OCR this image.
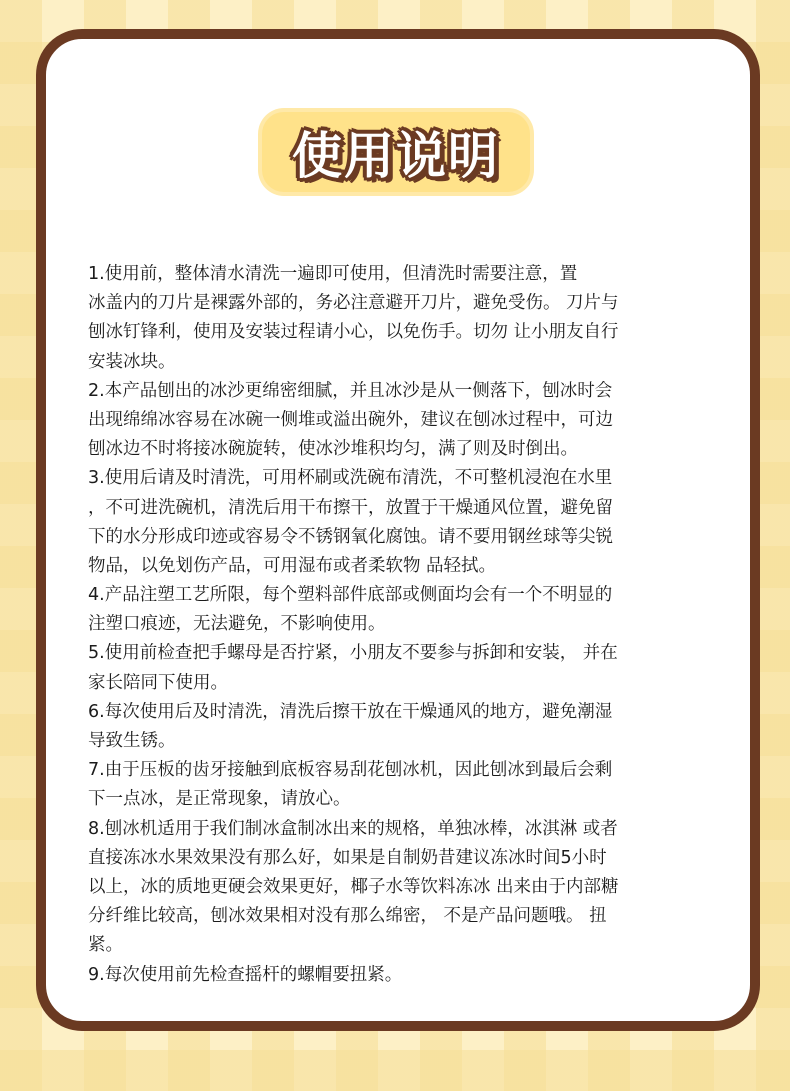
使用说明
1.使用前，整体清水清洗一遍即可使用，但清洗时需要注意，置
冰盖内的刀片是裸露外部的，务必注意避开刀片，避免受伤。 刀片与
刨冰钉锋利，使用及安装过程请小心，以免伤手。切勿 让小朋友自行
安装冰块。
2.本产品刨出的冰沙更绵密细腻，并且冰沙是从一侧落下，刨冰时会
出现绵绵冰容易在冰碗一侧堆或溢出碗外，建议在刨冰过程中，可边
刨冰边不时将接冰碗旋转，使冰沙堆积均匀，满了则及时倒出。
3.使用后请及时清洗，可用杯刷或洗碗布清洗，不可整机浸泡在水里
，不可进洗碗机，清洗后用干布擦干，放置于干燥通风位置，避免留
下的水分形成印迹或容易令不锈钢氧化腐蚀。请不要用钢丝球等尖锐
物品，以免划伤产品，可用湿布或者柔软物 品轻拭。
4.产品注塑工艺所限，每个塑料部件底部或侧面均会有一个不明显的
注塑口痕迹，无法避免，不影响使用。
5.使用前检查把手螺母是否拧紧，小朋友不要参与拆卸和安装， 并在
家长陪同下使用。
6.每次使用后及时清洗，清洗后擦干放在干燥通风的地方，避免潮湿
导致生锈。
7.由于压板的齿牙接触到底板容易刮花刨冰机，因此刨冰到最后会剩
下一点冰，是正常现象，请放心。
8.刨冰机适用于我们制冰盒制冰出来的规格，单独冰棒，冰淇淋 或者
直接冻冰水果效果没有那么好，如果是自制奶昔建议冻冰时间5小时
以上，冰的质地更硬会效果更好，椰子水等饮料冻冰 出来由于内部糖
分纤维比较高，刨冰效果相对没有那么绵密， 不是产品问题哦。 扭
紧。
9.每次使用前先检查摇杆的螺帽要扭紧。
